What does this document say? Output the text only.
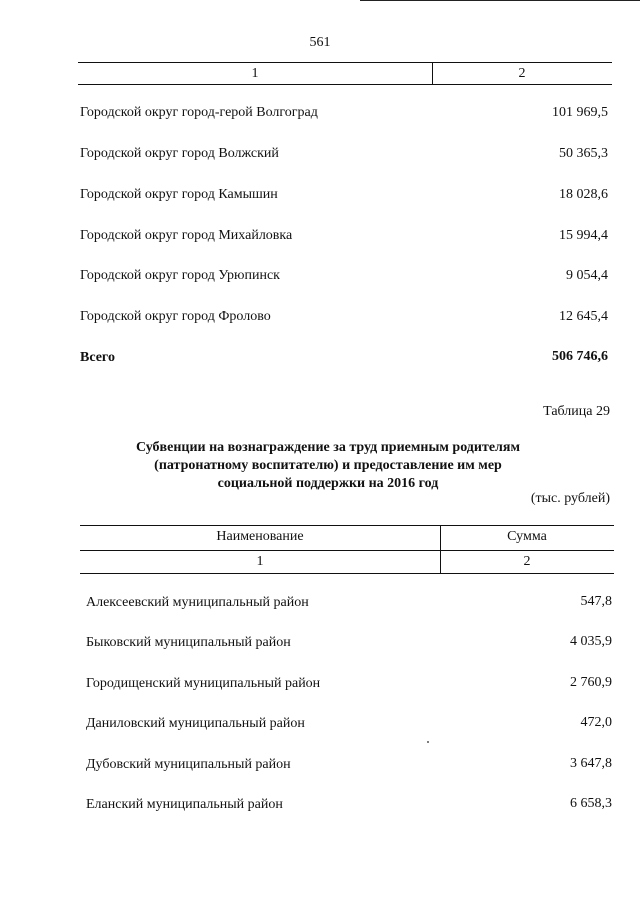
561
1	2
Городской округ город-герой Волгоград	101 969,5
Городской округ город Волжский	50 365,3
Городской округ город Камышин	18 028,6
Городской округ город Михайловка	15 994,4
Городской округ город Урюпинск	9 054,4
Городской округ город Фролово	12 645,4
Всего	506 746,6
Таблица 29
Субвенции на вознаграждение за труд приемным родителям
(патронатному воспитателю) и предоставление им мер
социальной поддержки на 2016 год
(тыс. рублей)
Наименование	Сумма
1	2
Алексеевский муниципальный район	547,8
Быковский муниципальный район	4 035,9
Городищенский муниципальный район	2 760,9
Даниловский муниципальный район	472,0
Дубовский муниципальный район	3 647,8
Еланский муниципальный район	6 658,3
